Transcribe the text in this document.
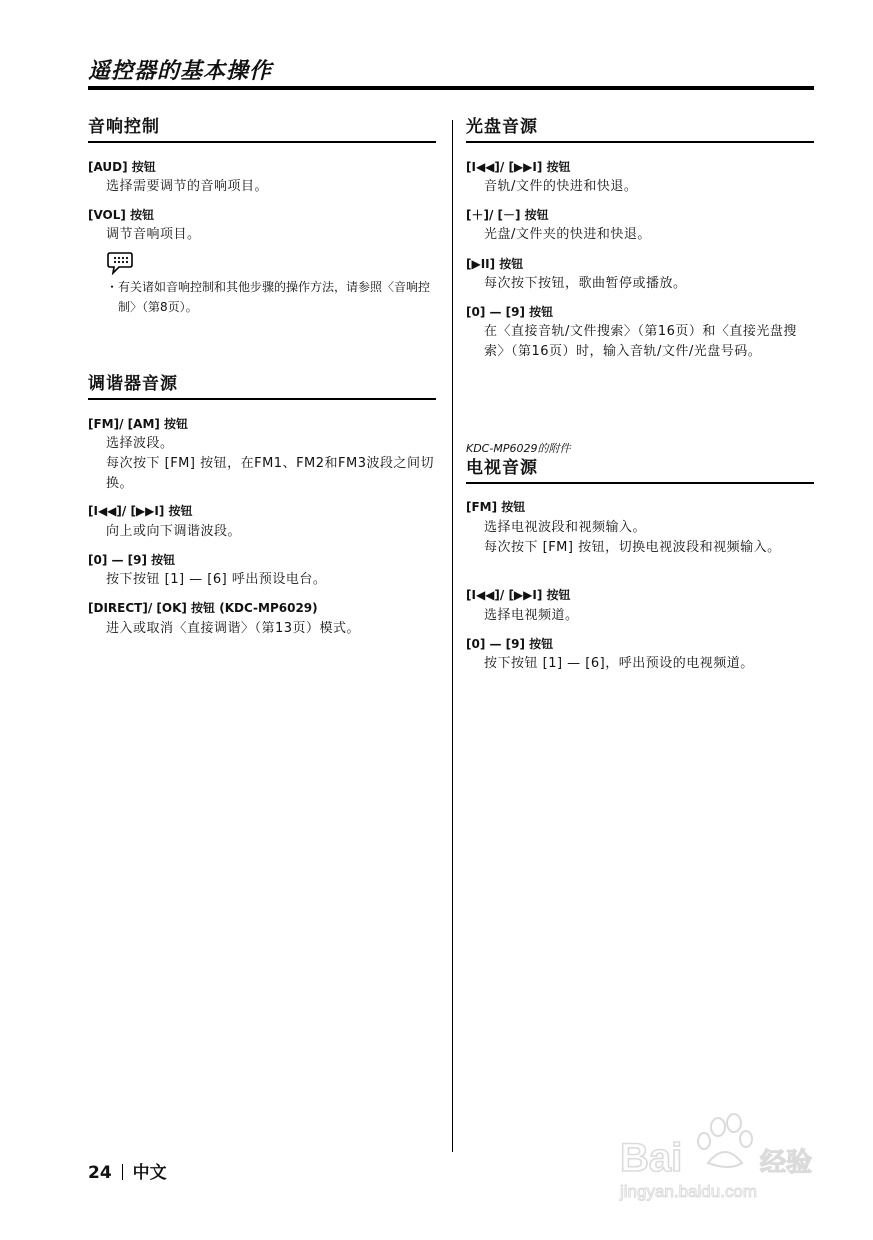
遥控器的基本操作
音响控制
[AUD] 按钮
选择需要调节的音响项目。
[VOL] 按钮
调节音响项目。
・有关诸如音响控制和其他步骤的操作方法，请参照〈音响控制〉（第8页）。
调谐器音源
[FM]/ [AM] 按钮
选择波段。
每次按下 [FM] 按钮，在FM1、FM2和FM3波段之间切换。
[I◀◀]/ [▶▶I] 按钮
向上或向下调谐波段。
[0] — [9] 按钮
按下按钮 [1] — [6] 呼出预设电台。
[DIRECT]/ [OK] 按钮 (KDC-MP6029)
进入或取消〈直接调谐〉（第13页）模式。
光盘音源
[I◀◀]/ [▶▶I] 按钮
音轨/文件的快进和快退。
[＋]/ [－] 按钮
光盘/文件夹的快进和快退。
[▶II] 按钮
每次按下按钮，歌曲暂停或播放。
[0] — [9] 按钮
在〈直接音轨/文件搜索〉（第16页）和〈直接光盘搜索〉（第16页）时，输入音轨/文件/光盘号码。
KDC-MP6029的附件
电视音源
[FM] 按钮
选择电视波段和视频输入。
每次按下 [FM] 按钮，切换电视波段和视频输入。
[I◀◀]/ [▶▶I] 按钮
选择电视频道。
[0] — [9] 按钮
按下按钮 [1] — [6]，呼出预设的电视频道。
24 中文	Bai	经验
jingyan.baidu.com
